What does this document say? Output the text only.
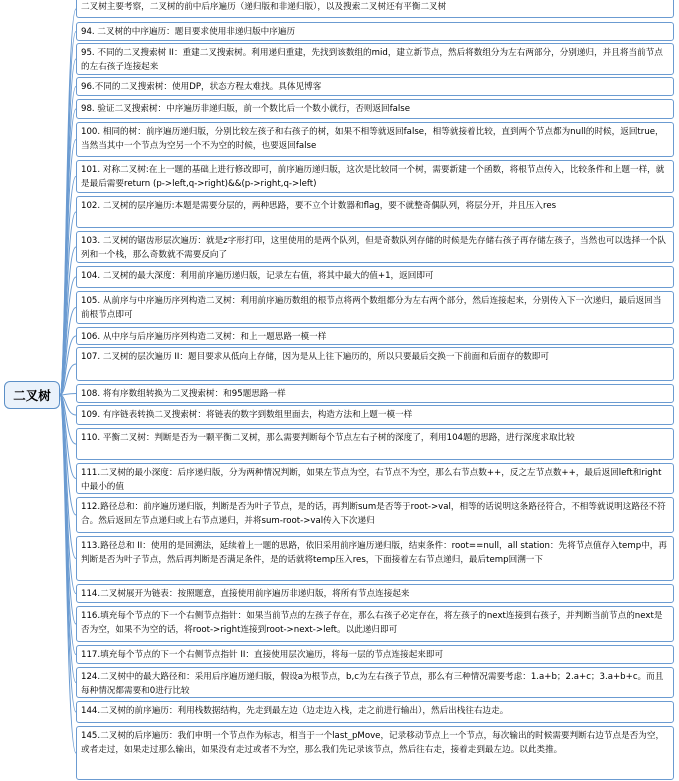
二叉树
二叉树主要考察，二叉树的前中后序遍历（递归版和非递归版），以及搜索二叉树还有平衡二叉树
94. 二叉树的中序遍历：题目要求使用非递归版中序遍历
95. 不同的二叉搜索树 II：重建二叉搜索树。利用递归重建，先找到该数组的mid，建立新节点，然后将数组分为左右两部分，分别递归，并且将当前节点的左右孩子连接起来
96.不同的二叉搜索树：使用DP，状态方程太难找。具体见博客
98. 验证二叉搜索树：中序遍历非递归版，前一个数比后一个数小就行，否则返回false
100. 相同的树：前序遍历递归版，分别比较左孩子和右孩子的树，如果不相等就返回false，相等就接着比较，直到两个节点都为null的时候，返回true，当然当其中一个节点为空另一个不为空的时候，也要返回false
101. 对称二叉树:在上一题的基础上进行修改即可，前序遍历递归版，这次是比较同一个树，需要新建一个函数，将根节点传入，比较条件和上题一样，就是最后需要return (p->left,q->right)&&(p->right,q->left)
102. 二叉树的层序遍历:本题是需要分层的，两种思路，要不立个计数器和flag，要不就整奇偶队列，将层分开，并且压入res
103. 二叉树的锯齿形层次遍历：就是z字形打印，这里使用的是两个队列，但是奇数队列存储的时候是先存储右孩子再存储左孩子，当然也可以选择一个队列和一个栈，那么奇数就不需要反向了
104. 二叉树的最大深度：利用前序遍历递归版，记录左右值，将其中最大的值+1，返回即可
105. 从前序与中序遍历序列构造二叉树：利用前序遍历数组的根节点将两个数组都分为左右两个部分，然后连接起来，分别传入下一次递归，最后返回当前根节点即可
106. 从中序与后序遍历序列构造二叉树：和上一题思路一模一样
107. 二叉树的层次遍历 II：题目要求从低向上存储，因为是从上往下遍历的，所以只要最后交换一下前面和后面存的数即可
108. 将有序数组转换为二叉搜索树：和95题思路一样
109. 有序链表转换二叉搜索树：将链表的数字到数组里面去，构造方法和上题一模一样
110. 平衡二叉树：判断是否为一颗平衡二叉树，那么需要判断每个节点左右子树的深度了，利用104题的思路，进行深度求取比较
111.二叉树的最小深度：后序递归版，分为两种情况判断，如果左节点为空，右节点不为空，那么右节点数++，反之左节点数++，最后返回left和right中最小的值
112.路径总和：前序遍历递归版，判断是否为叶子节点，是的话，再判断sum是否等于root->val，相等的话说明这条路径符合，不相等就说明这路径不符合。然后返回左节点递归或上右节点递归，并将sum-root->val传入下次递归
113.路径总和 II：使用的是回溯法，延续着上一题的思路，依旧采用前序遍历递归版，结束条件：root==null，all station：先将节点值存入temp中，再判断是否为叶子节点，然后再判断是否满足条件，是的话就将temp压入res，下面接着左右节点递归，最后temp回溯一下
114.二叉树展开为链表：按照题意，直接使用前序遍历非递归版，将所有节点连接起来
116.填充每个节点的下一个右侧节点指针：如果当前节点的左孩子存在，那么右孩子必定存在，将左孩子的next连接到右孩子，并判断当前节点的next是否为空，如果不为空的话，将root->right连接到root->next->left。以此递归即可
117.填充每个节点的下一个右侧节点指针 II：直接使用层次遍历，将每一层的节点连接起来即可
124.二叉树中的最大路径和：采用后序遍历递归版，假设a为根节点，b,c为左右孩子节点，那么有三种情况需要考虑：1.a+b；2.a+c；3.a+b+c。而且每种情况都需要和0进行比较
144.二叉树的前序遍历：利用栈数据结构，先走到最左边（边走边入栈，走之前进行输出），然后出栈往右边走。
145.二叉树的后序遍历：我们申明一个节点作为标志，相当于一个last_pMove，记录移动节点上一个节点，每次输出的时候需要判断右边节点是否为空，或者走过，如果走过那么输出，如果没有走过或者不为空，那么我们先记录该节点，然后往右走，接着走到最左边。以此类推。
